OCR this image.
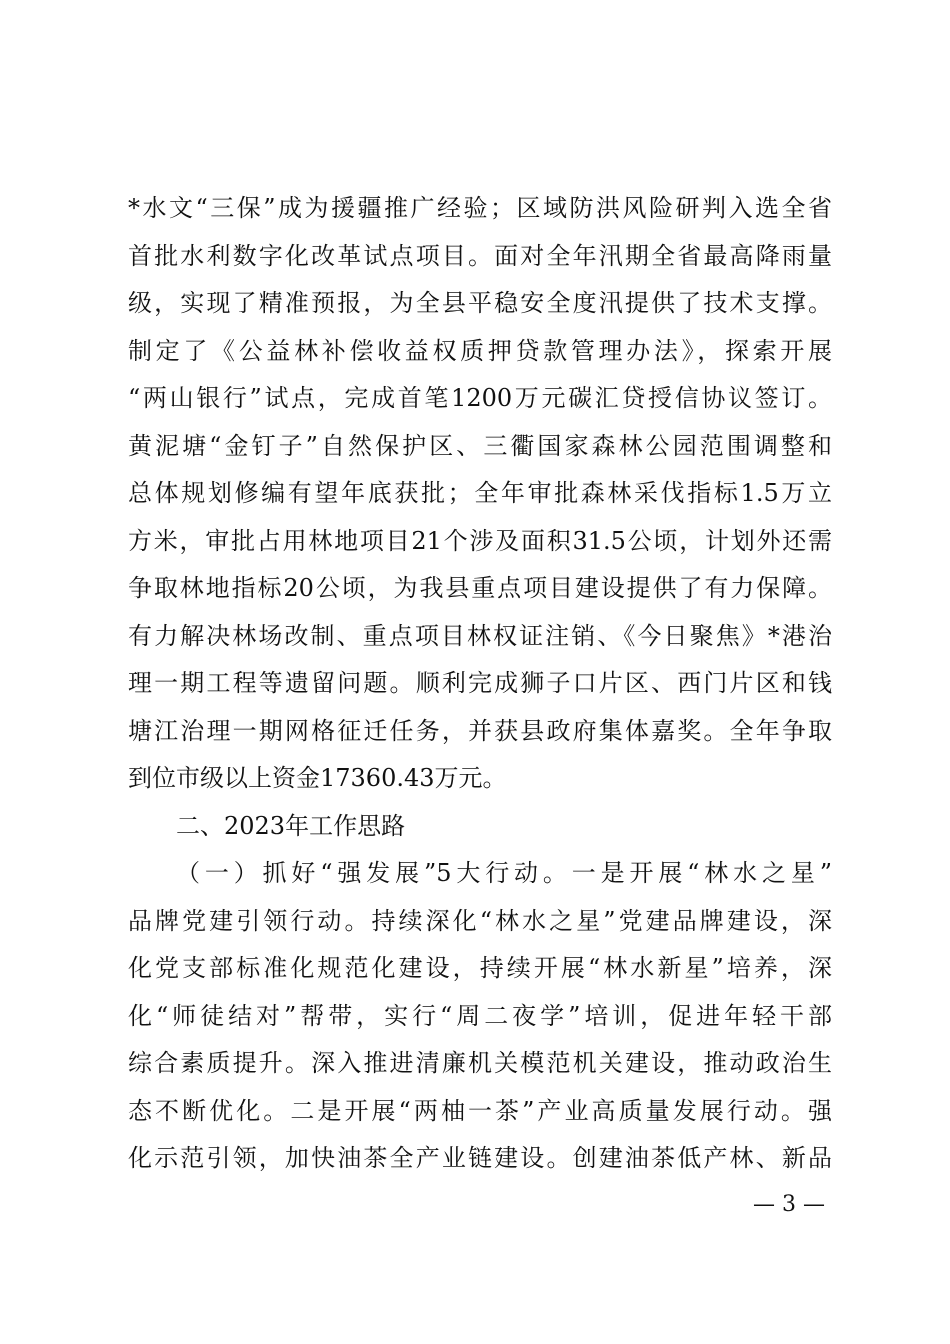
*水文“三保”成为援疆推广经验；区域防洪风险研判入选全省
首批水利数字化改革试点项目。面对全年汛期全省最高降雨量
级，实现了精准预报，为全县平稳安全度汛提供了技术支撑。
制定了《公益林补偿收益权质押贷款管理办法》，探索开展
“两山银行”试点，完成首笔1200万元碳汇贷授信协议签订。
黄泥塘“金钉子”自然保护区、三衢国家森林公园范围调整和
总体规划修编有望年底获批；全年审批森林采伐指标1.5万立
方米，审批占用林地项目21个涉及面积31.5公顷，计划外还需
争取林地指标20公顷，为我县重点项目建设提供了有力保障。
有力解决林场改制、重点项目林权证注销、《今日聚焦》*港治
理一期工程等遗留问题。顺利完成狮子口片区、西门片区和钱
塘江治理一期网格征迁任务，并获县政府集体嘉奖。全年争取
到位市级以上资金17360.43万元。
二、2023年工作思路
（一）抓好“强发展”5大行动。一是开展“林水之星”
品牌党建引领行动。持续深化“林水之星”党建品牌建设，深
化党支部标准化规范化建设，持续开展“林水新星”培养，深
化“师徒结对”帮带，实行“周二夜学”培训，促进年轻干部
综合素质提升。深入推进清廉机关模范机关建设，推动政治生
态不断优化。二是开展“两柚一茶”产业高质量发展行动。强
化示范引领，加快油茶全产业链建设。创建油茶低产林、新品
— 3 —
